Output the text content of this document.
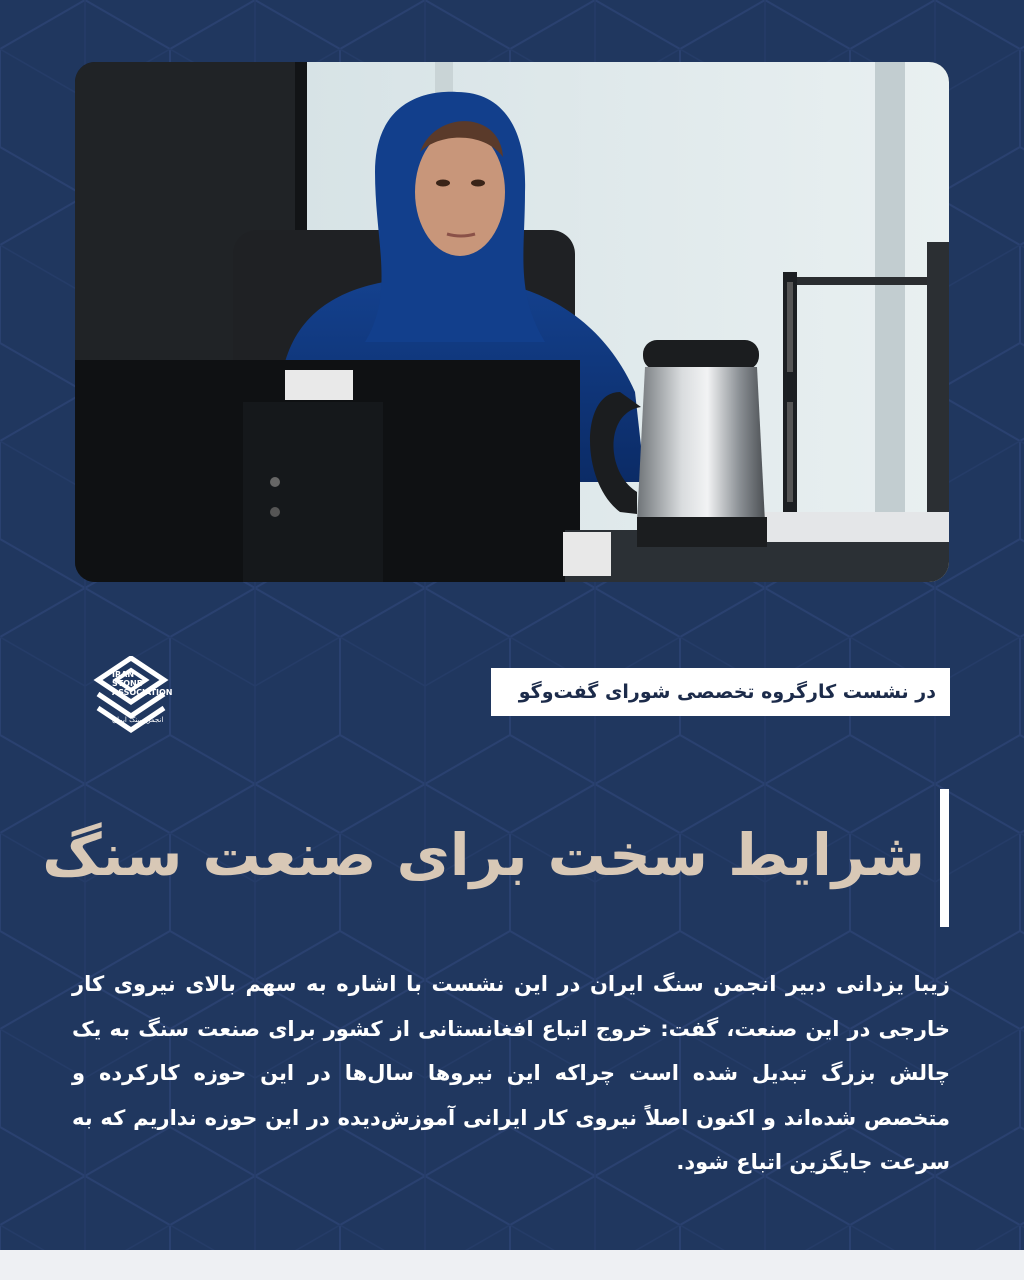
IRAN
STONE
ASSOCIATION
انجمن سنگ ایران
در نشست کارگروه تخصصی شورای گفت‌وگو
شرایط سخت برای صنعت سنگ
زیبا یزدانی دبیر انجمن سنگ ایران در این نشست با اشاره به سهم بالای نیروی کار خارجی در این صنعت، گفت: خروج اتباع افغانستانی از کشور برای صنعت سنگ به یک چالش بزرگ تبدیل شده است چراکه این نیروها سال‌ها در این حوزه کارکرده و متخصص شده‌اند و اکنون اصلاً نیروی کار ایرانی آموزش‌دیده در این حوزه نداریم که به سرعت جایگزین اتباع شود.
